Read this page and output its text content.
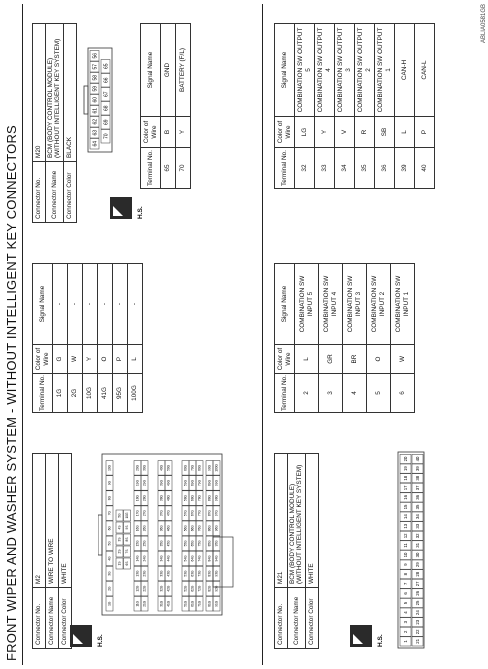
FRONT WIPER AND WASHER SYSTEM - WITHOUT INTELLIGENT KEY CONNECTORS	Connector No.	M2
Connector Name	WIRE TO WIRE
Connector Color	WHITE
H.S.
1G
2G
3G
4G
5G
6G
7G
8G
9G
10G
11G
12G
13G
14G
15G
16G
17G
18G
19G
20G
21G
22G
23G
24G
25G
26G
27G
28G
29G
30G
31G
32G
33G
34G
35G
36G
37G
38G
39G
40G
41G
42G
43G
44G
45G
46G
47G
48G
49G
50G
51G
52G
53G
54G
55G
56G
57G
58G
59G
60G
61G
62G
63G
64G
65G
66G
67G
68G
69G
70G
71G
72G
73G
74G
75G
76G
77G
78G
79G
80G
81G
82G
83G
84G
85G
86G
87G
88G
89G
90G
91G
92G
93G
94G
95G
96G
97G
98G
99G
100G
1S
2S
3S
4S
5G
6S
7S
8S
9S
10G
Terminal No.	Color of Wire	Signal Name
1G	G	-
2G	W	-
10G	Y	-
41G	O	-
95G	P	-
100G	L	-
Connector No.	M20
Connector Name	BCM (BODY CONTROL MODULE) (WITHOUT INTELLIGENT KEY SYSTEM)
Connector Color	BLACK
H.S.
64
63
62
61
60
59
58
57
56
70
69
68
67
66
65
Terminal No.	Color of Wire	Signal Name
65	B	GND
70	Y	BATTERY (F/L)
Connector No.	M21
Connector Name	BCM (BODY CONTROL MODULE) (WITHOUT INTELLIGENT KEY SYSTEM)
Connector Color	WHITE
H.S.	1
2
3
4
5
6
7
8
9
10
11
12
13
14
15
16
17
18
19
20
21
22
23
24
25
26
27
28
29
30
31
32
33
34
35
36
37
38
39
40
Terminal No.	Color of Wire	Signal Name
2	L	COMBINATION SW INPUT 5
3	GR	COMBINATION SW INPUT 4
4	BR	COMBINATION SW INPUT 3
5	O	COMBINATION SW INPUT 2
6	W	COMBINATION SW INPUT 1
Terminal No.	Color of Wire	Signal Name
32	LG	COMBINATION SW OUTPUT 5
33	Y	COMBINATION SW OUTPUT 4
34	V	COMBINATION SW OUTPUT 3
35	R	COMBINATION SW OUTPUT 2
36	SB	COMBINATION SW OUTPUT 1
39	L	CAN-H
40	P	CAN-L
ABLIA0581GB
